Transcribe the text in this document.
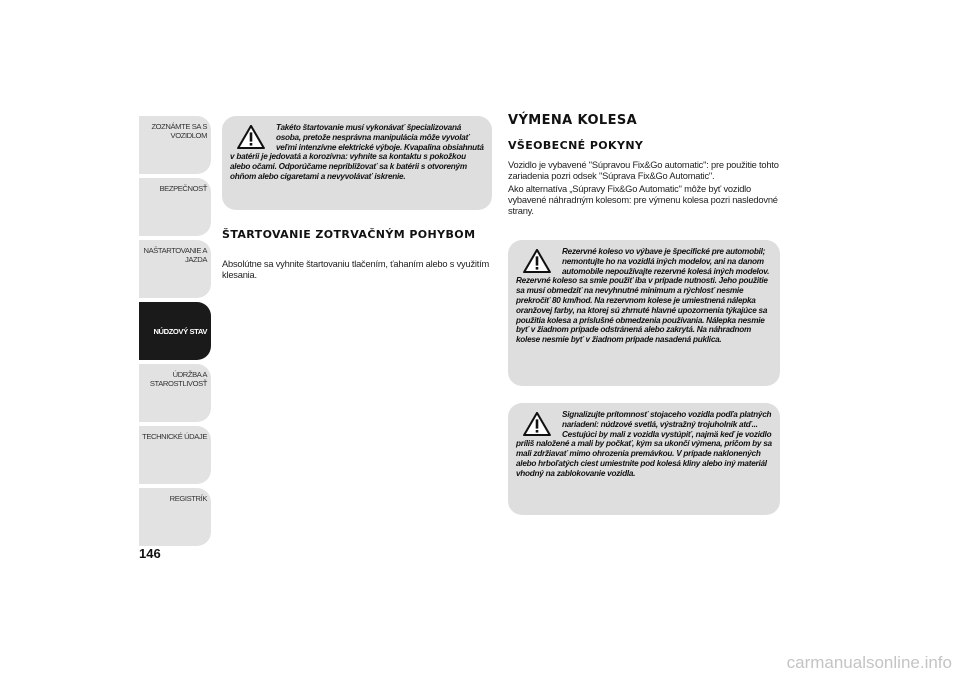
ZOZNÁMTE SA S VOZIDLOM
BEZPEČNOSŤ
NAŠTARTOVANIE A JAZDA
NÚDZOVÝ STAV
ÚDRŽBA A STAROSTLIVOSŤ
TECHNICKÉ ÚDAJE
REGISTRÍK
146
Takéto štartovanie musí vykonávať špecializovaná osoba, pretože nesprávna manipulácia môže vyvolať veľmi intenzívne elektrické výboje. Kvapalina obsiahnutá v batérii je jedovatá a korozívna: vyhnite sa kontaktu s pokožkou alebo očami. Odporúčame nepribližovať sa k batérii s otvoreným ohňom alebo cigaretami a nevyvolávať iskrenie.
ŠTARTOVANIE ZOTRVAČNÝM POHYBOM
Absolútne sa vyhnite štartovaniu tlačením, ťahaním alebo s využitím klesania.
VÝMENA KOLESA
VŠEOBECNÉ POKYNY
Vozidlo je vybavené "Súpravou Fix&Go automatic": pre použitie tohto zariadenia pozri odsek "Súprava Fix&Go Automatic".
Ako alternatíva „Súpravy Fix&Go Automatic" môže byť vozidlo vybavené náhradným kolesom: pre výmenu kolesa pozri nasledovné strany.
Rezervné koleso vo výbave je špecifické pre automobil; nemontujte ho na vozidlá iných modelov, ani na danom automobile nepoužívajte rezervné kolesá iných modelov. Rezervné koleso sa smie použiť iba v prípade nutnosti. Jeho použitie sa musí obmedziť na nevyhnutné minimum a rýchlosť nesmie prekročiť 80 km/hod. Na rezervnom kolese je umiestnená nálepka oranžovej farby, na ktorej sú zhrnuté hlavné upozornenia týkajúce sa použitia kolesa a príslušné obmedzenia používania. Nálepka nesmie byť v žiadnom prípade odstránená alebo zakrytá. Na náhradnom kolese nesmie byť v žiadnom prípade nasadená puklica.
Signalizujte prítomnosť stojaceho vozidla podľa platných nariadení: núdzové svetlá, výstražný trojuholník atď... Cestujúci by mali z vozidla vystúpiť, najmä keď je vozidlo príliš naložené a mali by počkať, kým sa ukončí výmena, pričom by sa mali zdržiavať mimo ohrozenia premávkou. V prípade naklonených alebo hrboľatých ciest umiestnite pod kolesá kliny alebo iný materiál vhodný na zablokovanie vozidla.
carmanualsonline.info
